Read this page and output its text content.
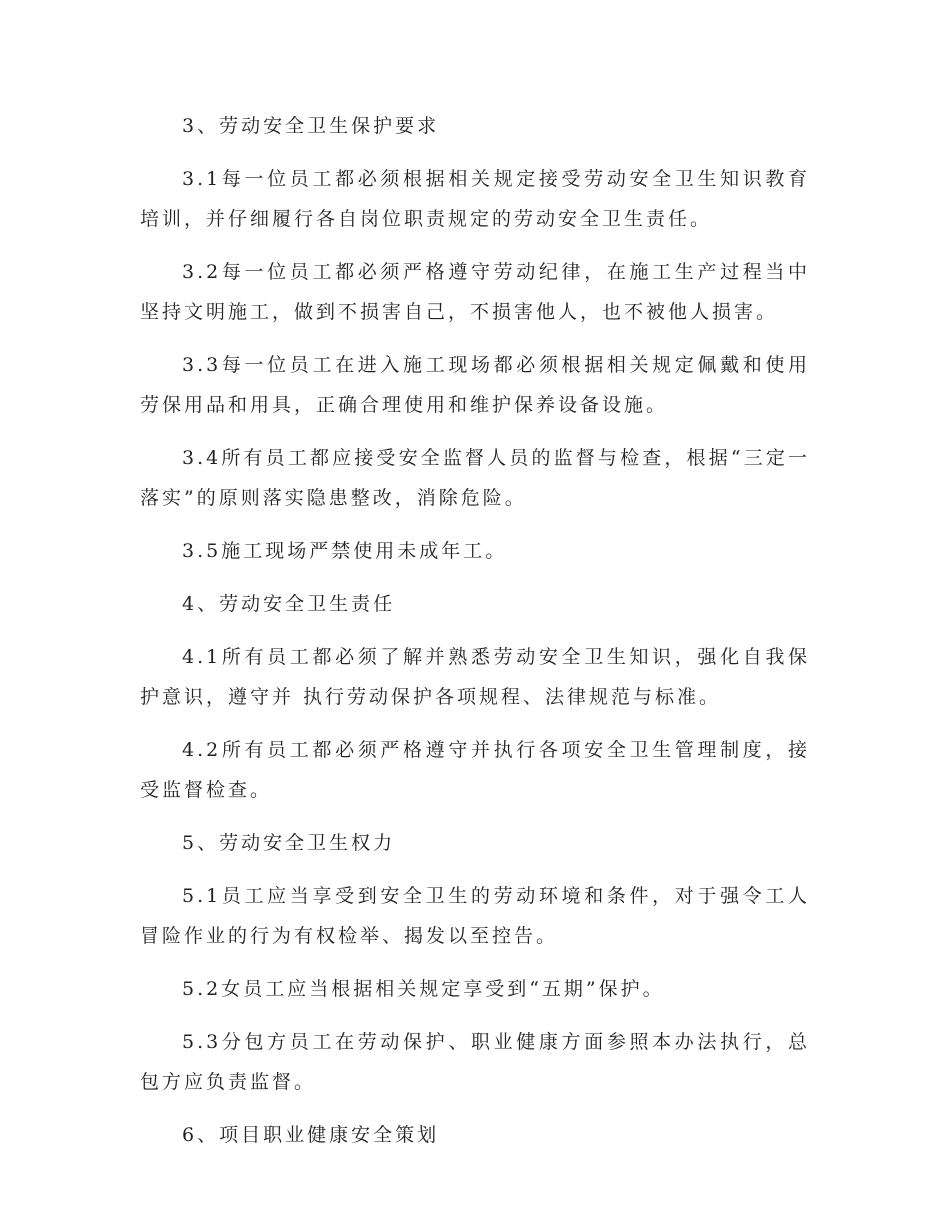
3、劳动安全卫生保护要求

3.1每一位员工都必须根据相关规定接受劳动安全卫生知识教育培训，并仔细履行各自岗位职责规定的劳动安全卫生责任。

3.2每一位员工都必须严格遵守劳动纪律，在施工生产过程当中坚持文明施工，做到不损害自己，不损害他人，也不被他人损害。

3.3每一位员工在进入施工现场都必须根据相关规定佩戴和使用劳保用品和用具，正确合理使用和维护保养设备设施。

3.4所有员工都应接受安全监督人员的监督与检查，根据“三定一落实”的原则落实隐患整改，消除危险。

3.5施工现场严禁使用未成年工。

4、劳动安全卫生责任

4.1所有员工都必须了解并熟悉劳动安全卫生知识，强化自我保护意识，遵守并 执行劳动保护各项规程、法律规范与标准。

4.2所有员工都必须严格遵守并执行各项安全卫生管理制度，接受监督检查。

5、劳动安全卫生权力

5.1员工应当享受到安全卫生的劳动环境和条件，对于强令工人冒险作业的行为有权检举、揭发以至控告。

5.2女员工应当根据相关规定享受到“五期”保护。

5.3分包方员工在劳动保护、职业健康方面参照本办法执行，总包方应负责监督。

6、项目职业健康安全策划
